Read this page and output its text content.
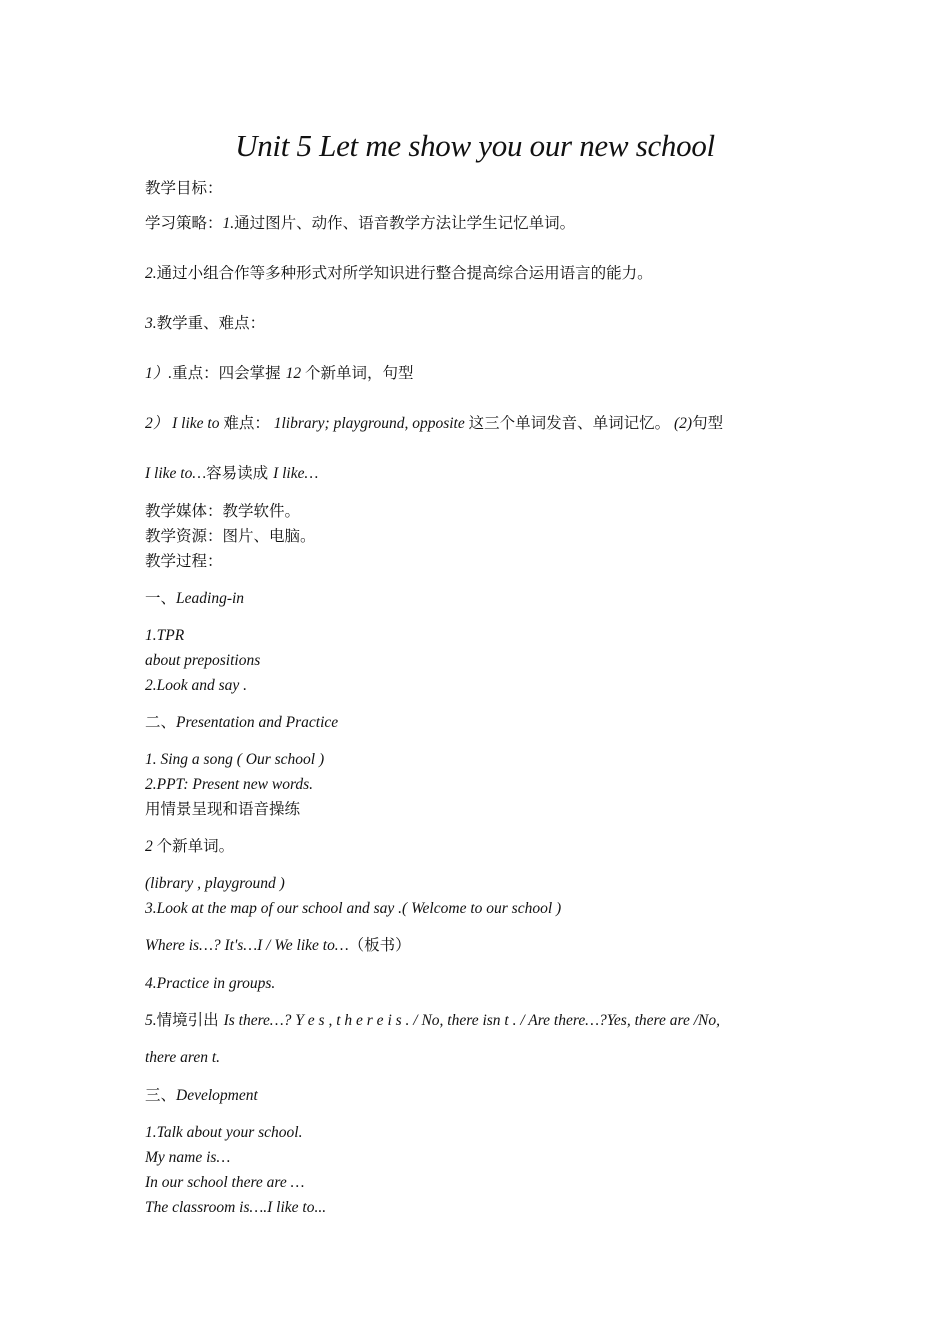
Unit 5 Let me show you our new school
教学目标：
学习策略：1.通过图片、动作、语音教学方法让学生记忆单词。
2.通过小组合作等多种形式对所学知识进行整合提高综合运用语言的能力。
3.教学重、难点：
1）.重点：四会掌握 12 个新单词，句型
2） I like to 难点： 1library; playground, opposite 这三个单词发音、单词记忆。 (2)句型
I like to…容易读成 I like…
教学媒体：教学软件。
教学资源：图片、电脑。
教学过程：
一、Leading-in
1.TPR
about prepositions
2.Look and say .
二、Presentation and Practice
1. Sing a song ( Our school )
2.PPT: Present new words.
用情景呈现和语音操练
2 个新单词。
(library , playground )
3.Look at the map of our school and say .( Welcome to our school )
Where is…? It's…I / We like to…（板书）
4.Practice in groups.
5.情境引出 Is there…? Y e s , t h e r e i s . / No, there isn t . / Are there…?Yes, there are /No,
there aren t.
三、Development
1.Talk about your school.
My name is…
In our school there are …
The classroom is….I like to...
